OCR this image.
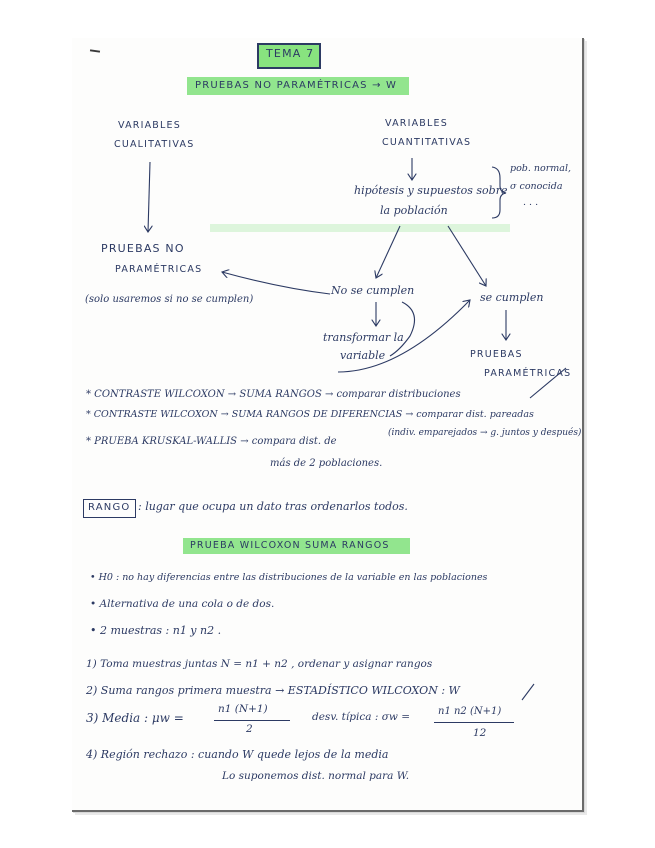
TEMA 7
PRUEBAS NO PARAMÉTRICAS → W
VARIABLES
CUALITATIVAS
VARIABLES
CUANTITATIVAS
hipótesis y supuestos sobre
la población
pob. normal,
σ conocida
. . .
PRUEBAS NO
PARAMÉTRICAS
(solo usaremos si no se cumplen)
No se cumplen
se cumplen
transformar la
variable	PRUEBAS
PARAMÉTRICAS
* CONTRASTE WILCOXON → SUMA RANGOS → comparar distribuciones
* CONTRASTE WILCOXON → SUMA RANGOS DE DIFERENCIAS → comparar dist. pareadas
(indiv. emparejados → g. juntos y después)
* PRUEBA KRUSKAL-WALLIS → compara dist. de
más de 2 poblaciones.
RANGO : lugar que ocupa un dato tras ordenarlos todos.
PRUEBA WILCOXON SUMA RANGOS
• H0 : no hay diferencias entre las distribuciones de la variable en las poblaciones
• Alternativa de una cola o de dos.
• 2 muestras : n1 y n2 .
1) Toma muestras juntas N = n1 + n2 , ordenar y asignar rangos
2) Suma rangos primera muestra → ESTADÍSTICO WILCOXON : W
3) Media : μw =
n1 (N+1)
2
desv. típica : σw =	n1 n2 (N+1)
12
4) Región rechazo : cuando W quede lejos de la media
Lo suponemos dist. normal para W.
